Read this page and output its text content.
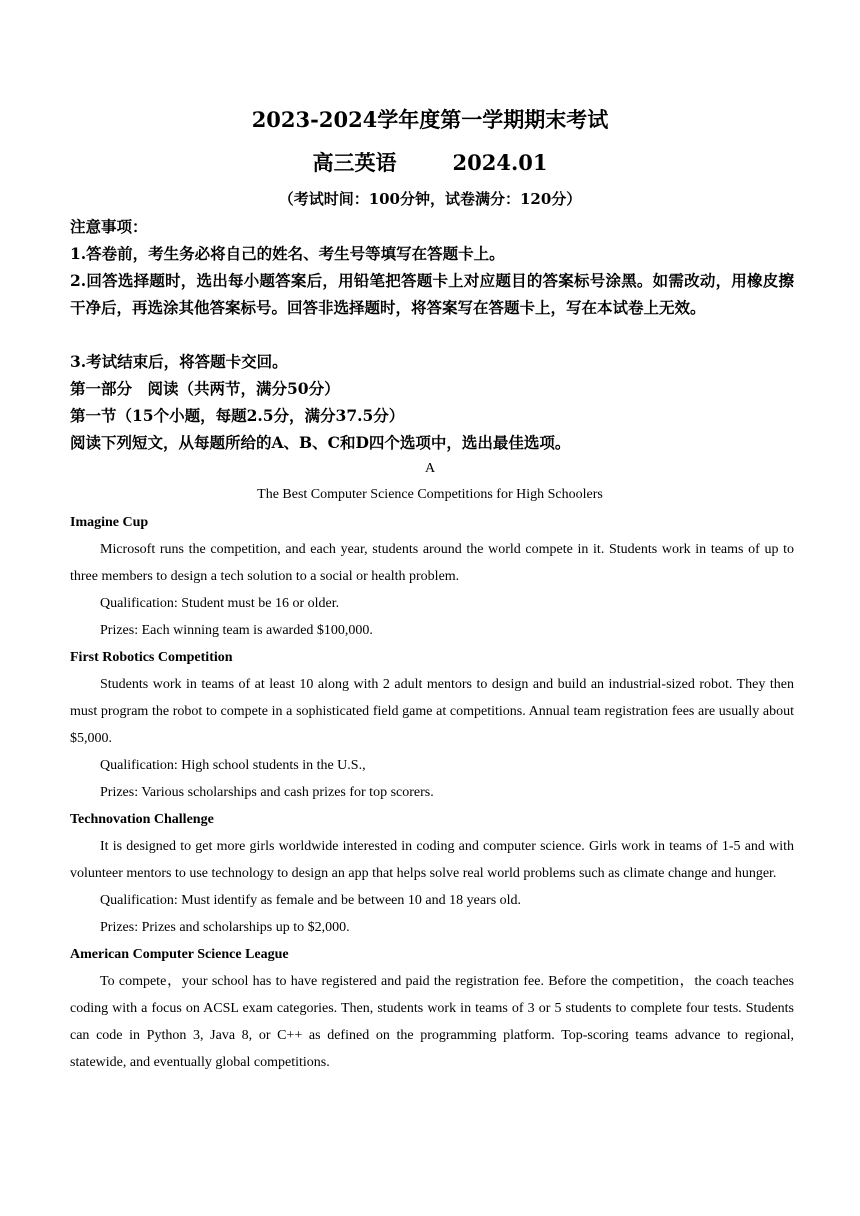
2023-2024学年度第一学期期末考试
高三英语	2024.01
（考试时间：100分钟，试卷满分：120分）
注意事项：
1.答卷前，考生务必将自己的姓名、考生号等填写在答题卡上。
2.回答选择题时，选出每小题答案后，用铅笔把答题卡上对应题目的答案标号涂黑。如需改动，用橡皮擦干净后，再选涂其他答案标号。回答非选择题时，将答案写在答题卡上，写在本试卷上无效。
3.考试结束后，将答题卡交回。
第一部分　阅读（共两节，满分50分）
第一节（15个小题，每题2.5分，满分37.5分）
阅读下列短文，从每题所给的A、B、C和D四个选项中，选出最佳选项。
A
The Best Computer Science Competitions for High Schoolers
Imagine Cup
Microsoft runs the competition, and each year, students around the world compete in it. Students work in teams of up to three members to design a tech solution to a social or health problem.
Qualification: Student must be 16 or older.
Prizes: Each winning team is awarded $100,000.
First Robotics Competition
Students work in teams of at least 10 along with 2 adult mentors to design and build an industrial-sized robot. They then must program the robot to compete in a sophisticated field game at competitions. Annual team registration fees are usually about $5,000.
Qualification: High school students in the U.S.,
Prizes: Various scholarships and cash prizes for top scorers.
Technovation Challenge
It is designed to get more girls worldwide interested in coding and computer science. Girls work in teams of 1-5 and with volunteer mentors to use technology to design an app that helps solve real world problems such as climate change and hunger.
Qualification: Must identify as female and be between 10 and 18 years old.
Prizes: Prizes and scholarships up to $2,000.
American Computer Science League
To compete，your school has to have registered and paid the registration fee. Before the competition，the coach teaches coding with a focus on ACSL exam categories. Then, students work in teams of 3 or 5 students to complete four tests. Students can code in Python 3, Java 8, or C++ as defined on the programming platform. Top-scoring teams advance to regional, statewide, and eventually global competitions.
